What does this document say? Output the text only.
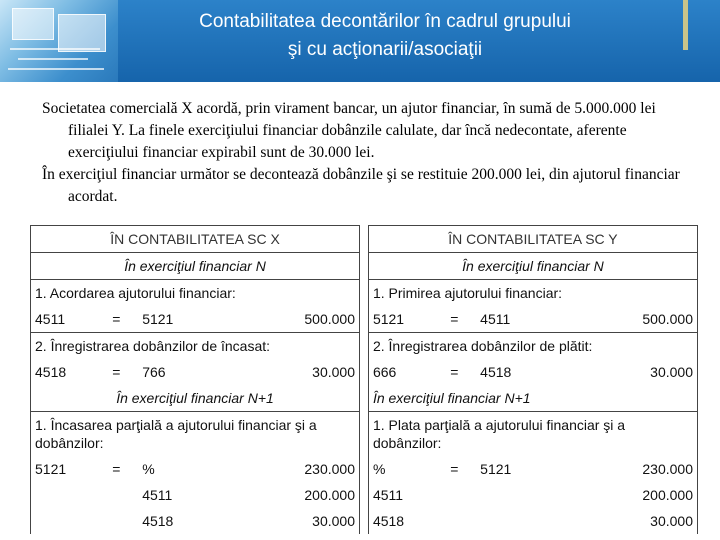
Contabilitatea decontărilor în cadrul grupului
şi cu acţionarii/asociaţii

Societatea comercială X acordă, prin virament bancar, un ajutor financiar, în sumă de 5.000.000 lei filialei Y. La finele exerciţiului financiar dobânzile calulate, dar încă nedecontate, aferente exerciţiului financiar expirabil sunt de 30.000 lei.

În exerciţiul financiar următor se decontează dobânzile şi se restituie 200.000 lei, din ajutorul financiar acordat.

ÎN CONTABILITATEA SC X					ÎN CONTABILITATEA SC Y			
În exerciţiul financiar N					În exerciţiul financiar N			
1. Acordarea ajutorului financiar:					1. Primirea ajutorului financiar:			
4511	=	5121	500.000		5121	=	4511	500.000
2. Înregistrarea dobânzilor de încasat:					2. Înregistrarea dobânzilor de plătit:			
4518	=	766	30.000		666	=	4518	30.000
În exerciţiul financiar N+1					În exerciţiul financiar N+1			
1. Încasarea parţială a ajutorului financiar şi a dobânzilor:					1. Plata parţială a ajutorului financiar şi a dobânzilor:			
5121	=	%	230.000		%	=	5121	230.000
		4511	200.000		4511			200.000
		4518	30.000		4518			30.000
